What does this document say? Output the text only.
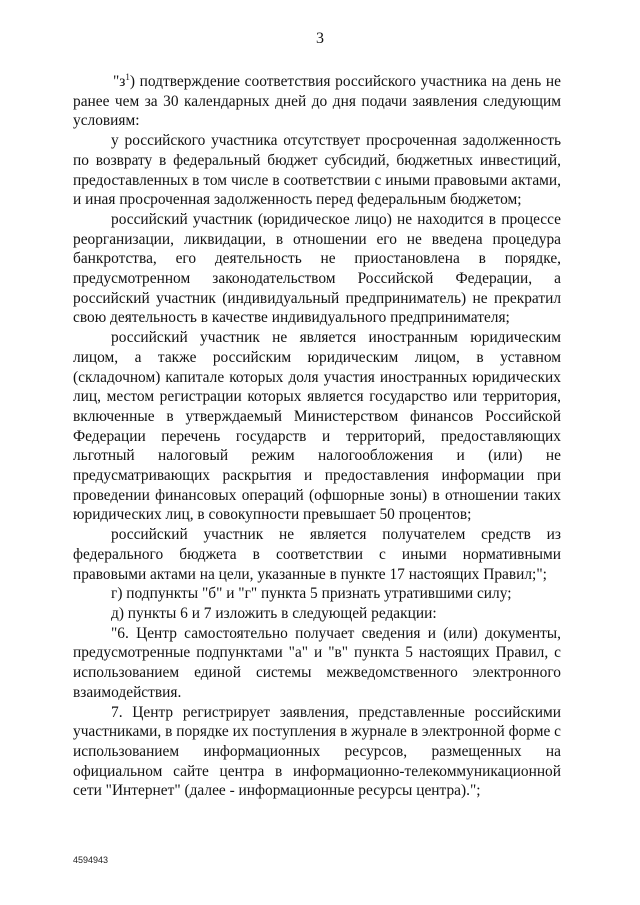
3

"$з^1$) подтверждение соответствия российского участника на день не ранее чем за 30 календарных дней до дня подачи заявления следующим условиям:

у российского участника отсутствует просроченная задолженность по возврату в федеральный бюджет субсидий, бюджетных инвестиций, предоставленных в том числе в соответствии с иными правовыми актами, и иная просроченная задолженность перед федеральным бюджетом;

российский участник (юридическое лицо) не находится в процессе реорганизации, ликвидации, в отношении его не введена процедура банкротства, его деятельность не приостановлена в порядке, предусмотренном законодательством Российской Федерации, а российский участник (индивидуальный предприниматель) не прекратил свою деятельность в качестве индивидуального предпринимателя;

российский участник не является иностранным юридическим лицом, а также российским юридическим лицом, в уставном (складочном) капитале которых доля участия иностранных юридических лиц, местом регистрации которых является государство или территория, включенные в утверждаемый Министерством финансов Российской Федерации перечень государств и территорий, предоставляющих льготный налоговый режим налогообложения и (или) не предусматривающих раскрытия и предоставления информации при проведении финансовых операций (офшорные зоны) в отношении таких юридических лиц, в совокупности превышает 50 процентов;

российский участник не является получателем средств из федерального бюджета в соответствии с иными нормативными правовыми актами на цели, указанные в пункте 17 настоящих Правил;";

г) подпункты "б" и "г" пункта 5 признать утратившими силу;

д) пункты 6 и 7 изложить в следующей редакции:

"6. Центр самостоятельно получает сведения и (или) документы, предусмотренные подпунктами "а" и "в" пункта 5 настоящих Правил, с использованием единой системы межведомственного электронного взаимодействия.

7. Центр регистрирует заявления, представленные российскими участниками, в порядке их поступления в журнале в электронной форме с использованием информационных ресурсов, размещенных на официальном сайте центра в информационно-телекоммуникационной сети "Интернет" (далее - информационные ресурсы центра).";

4594943
